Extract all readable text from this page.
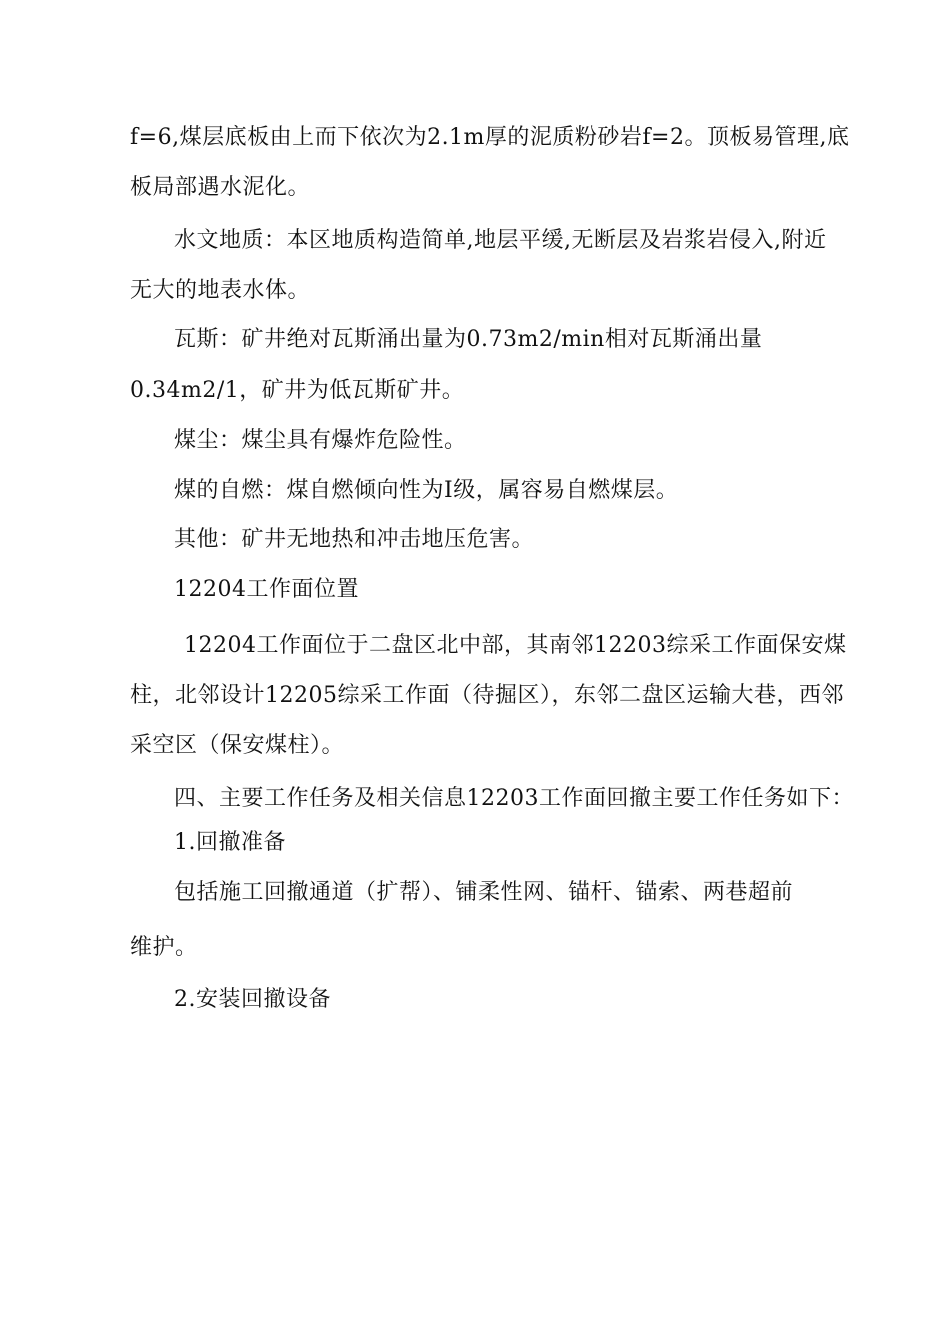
f=6,煤层底板由上而下依次为2.1m厚的泥质粉砂岩f=2。顶板易管理,底
板局部遇水泥化。
水文地质：本区地质构造简单,地层平缓,无断层及岩浆岩侵入,附近
无大的地表水体。
瓦斯：矿井绝对瓦斯涌出量为0.73m2/min相对瓦斯涌出量
0.34m2/1，矿井为低瓦斯矿井。
煤尘：煤尘具有爆炸危险性。
煤的自燃：煤自燃倾向性为Ⅰ级，属容易自燃煤层。
其他：矿井无地热和冲击地压危害。
12204工作面位置
12204工作面位于二盘区北中部，其南邻12203综采工作面保安煤
柱，北邻设计12205综采工作面（待掘区），东邻二盘区运输大巷，西邻
采空区（保安煤柱）。
四、主要工作任务及相关信息12203工作面回撤主要工作任务如下：
1.回撤准备
包括施工回撤通道（扩帮）、铺柔性网、锚杆、锚索、两巷超前
维护。
2.安装回撤设备
